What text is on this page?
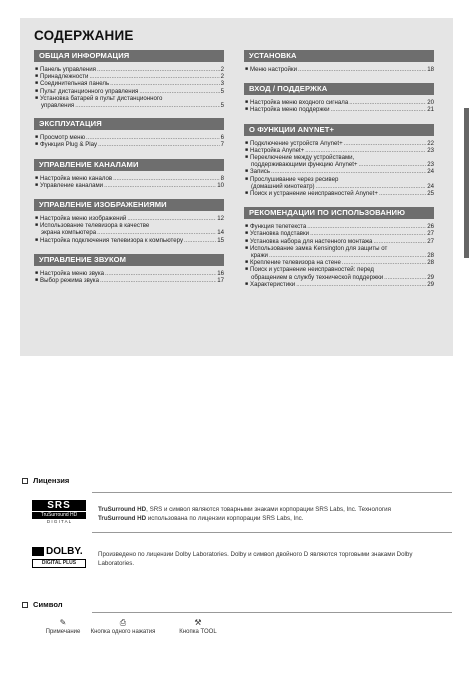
СОДЕРЖАНИЕ
ОБЩАЯ ИНФОРМАЦИЯ
■ Панель управления .....	2
■ Принадлежности .....	2
■ Соединительная панель .....	3
■ Пульт дистанционного управления .....	5
■ Установка батарей в пульт дистанционного
управления .....	5
ЭКСПЛУАТАЦИЯ
■ Просмотр меню .....	6
■ Функция Plug & Play .....	7
УПРАВЛЕНИЕ КАНАЛАМИ
■ Настройка меню каналов .....	8
■ Управление каналами .....	10
УПРАВЛЕНИЕ ИЗОБРАЖЕНИЯМИ
■ Настройка меню изображений .....	12
■ Использование телевизора в качестве
экрана компьютера .....	14
■ Настройка подключения телевизора к компьютеру .....	15
УПРАВЛЕНИЕ ЗВУКОМ
■ Настройка меню звука .....	16
■ Выбор режима звука .....	17
УСТАНОВКА
■ Меню настройки .....	18
ВХОД / ПОДДЕРЖКА
■ Настройка меню входного сигнала .....	20
■ Настройка меню поддержки .....	21
О ФУНКЦИИ ANYNET+
■ Подключение устройств Anynet+ .....	22
■ Настройка Anynet+ .....	23
■ Переключение между устройствами,
поддерживающими функцию Anynet+ .....	23
■ Запись .....	24
■ Прослушивание через ресивер
(домашний кинотеатр) .....	24
■ Поиск и устранение неисправностей Anynet+ .....	25
РЕКОМЕНДАЦИИ ПО ИСПОЛЬЗОВАНИЮ
■ Функция телетекста .....	26
■ Установка подставки .....	27
■ Установка набора для настенного монтажа .....	27
■ Использование замка Kensington для защиты от
кражи .....	28
■ Крепление телевизора на стене .....	28
■ Поиск и устранение неисправностей: перед
обращением в службу технической поддержки .....	29
■ Характеристики .....	29
Лицензия
SRS
TruSurround HD
D I G I T A L
TruSurround HD, SRS и символ являются товарными знаками корпорации SRS Labs, Inc. Технология
TruSurround HD использована по лицензии корпорации SRS Labs, Inc.
DOLBY.
DIGITAL PLUS
Произведено по лицензии Dolby Laboratories. Dolby и символ двойного D являются торговыми знаками Dolby Laboratories.
Символ
✎
Примечание
⎙
Кнопка одного нажатия
⚒
Кнопка TOOL
